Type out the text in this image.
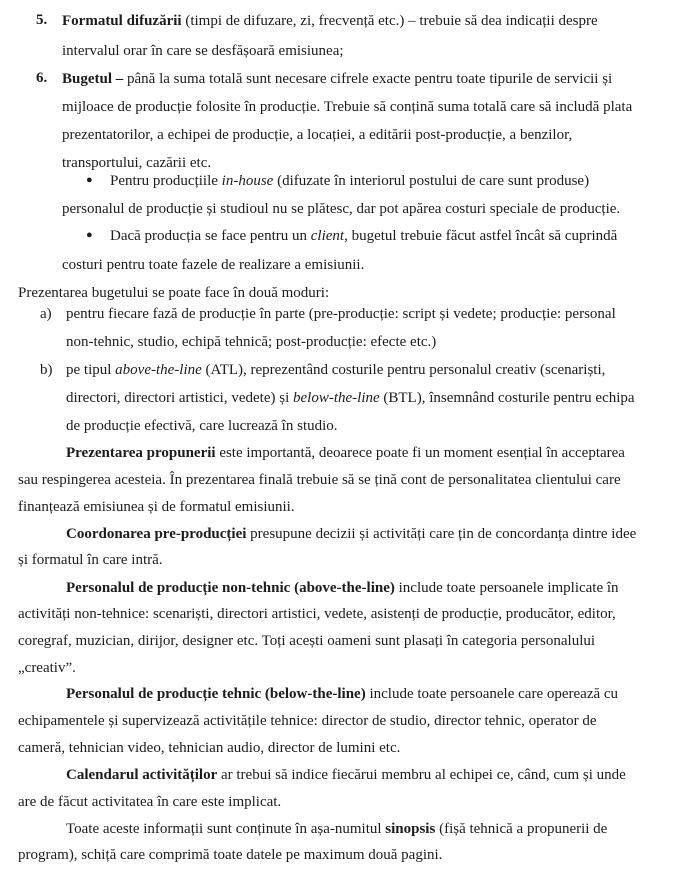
5. Formatul difuzării (timpi de difuzare, zi, frecvență etc.) – trebuie să dea indicații despre
intervalul orar în care se desfășoară emisiunea;
6. Bugetul – până la suma totală sunt necesare cifrele exacte pentru toate tipurile de servicii și
mijloace de producție folosite în producție. Trebuie să conțină suma totală care să includă plata
prezentatorilor, a echipei de producție, a locației, a editării post-producție, a benzilor,
transportului, cazării etc.
● Pentru producțiile in-house (difuzate în interiorul postului de care sunt produse)
personalul de producție și studioul nu se plătesc, dar pot apărea costuri speciale de producție.
● Dacă producția se face pentru un client, bugetul trebuie făcut astfel încât să cuprindă
costuri pentru toate fazele de realizare a emisiunii.
Prezentarea bugetului se poate face în două moduri:
a) pentru fiecare fază de producție în parte (pre-producție: script și vedete; producție: personal
non-tehnic, studio, echipă tehnică; post-producție: efecte etc.)
b) pe tipul above-the-line (ATL), reprezentând costurile pentru personalul creativ (scenariști,
directori, directori artistici, vedete) și below-the-line (BTL), însemnând costurile pentru echipa
de producție efectivă, care lucrează în studio.
Prezentarea propunerii este importantă, deoarece poate fi un moment esențial în acceptarea
sau respingerea acesteia. În prezentarea finală trebuie să se țină cont de personalitatea clientului care
finanțează emisiunea și de formatul emisiunii.
Coordonarea pre-producției presupune decizii și activități care țin de concordanța dintre idee
și formatul în care intră.
Personalul de producție non-tehnic (above-the-line) include toate persoanele implicate în
activități non-tehnice: scenariști, directori artistici, vedete, asistenți de producție, producător, editor,
coregraf, muzician, dirijor, designer etc. Toți acești oameni sunt plasați în categoria personalului
„creativ”.
Personalul de producție tehnic (below-the-line) include toate persoanele care operează cu
echipamentele și supervizează activitățile tehnice: director de studio, director tehnic, operator de
cameră, tehnician video, tehnician audio, director de lumini etc.
Calendarul activităților ar trebui să indice fiecărui membru al echipei ce, când, cum și unde
are de făcut activitatea în care este implicat.
Toate aceste informații sunt conținute în așa-numitul sinopsis (fișă tehnică a propunerii de
program), schiță care comprimă toate datele pe maximum două pagini.
